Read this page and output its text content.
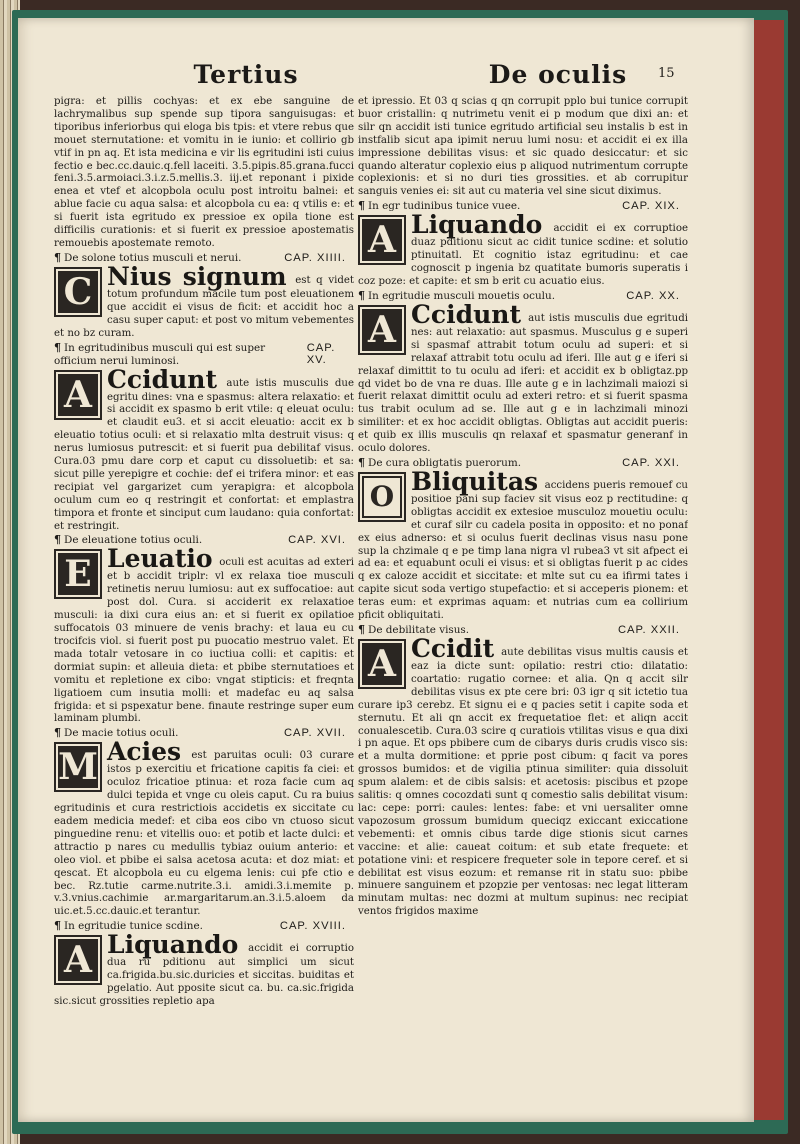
Tertius	De oculis	15

pigra: et pillis cochyas: et ex ebe sanguine de lachrymalibus sup spende sup tipora sanguisugas: et tiporibus inferiorbus qui eloga bis tpis: et vtere rebus que mouet sternutatione: et vomitu in ie iunio: et collirio gb vtif in pn aq. Et ista medicina e vir lis egritudini isti cuius fectio e bec.cc.dauic.q.fell laceiti. 3.5.pipis.85.grana.fucci feni.3.5.armoiaci.3.i.z.5.mellis.3. iij.et reponant i pixide enea et vtef et alcopbola oculu post introitu balnei: et ablue facie cu aqua salsa: et alcopbola cu ea: q vtilis e: et si fuerit ista egritudo ex pressioe ex opila tione est difficilis curationis: et si fuerit ex pressioe apostematis remouebis apostemate remoto.

¶ De solone totius musculi et nerui.	CAP. XIIII.

C Nius signum est q videt totum profundum macile tum post eleuationem que accidit ei visus de ficit: et accidit hoc a casu super caput: et post vo mitum vebementes et no bz curam.

¶ In egritudinibus musculi qui est super officium nerui luminosi.
CAP. XV.

A Ccidunt aute istis musculis due egritu dines: vna e spasmus: altera relaxatio: et si accidit ex spasmo b erit vtile: q eleuat oculu: et claudit eu3. et si accit eleuatio: accit ex b eleuatio totius oculi: et si relaxatio mlta destruit visus: q nerus lumiosus putrescit: et si fuerit pua debilitaf visus. Cura.03 pmu dare corp et caput cu dissoluetib: et sa: sicut pille yerepigre et cochie: def ei trifera minor: et eas recipiat vel gargarizet cum yerapigra: et alcopbola oculum cum eo q restringit et confortat: et emplastra timpora et fronte et sinciput cum laudano: quia confortat: et restringit.

¶ De eleuatione totius oculi.	CAP. XVI.

E Leuatio oculi est acuitas ad exteri et b accidit triplr: vl ex relaxa tioe musculi retinetis neruu lumiosu: aut ex suffocatioe: aut post dol. Cura. si acciderit ex relaxatioe musculi: ia dixi cura eius an: et si fuerit ex opilatioe suffocatois 03 minuere de venis brachy: et laua eu cu trocifcis viol. si fuerit post pu puocatio mestruo valet. Et mada totalr vetosare in co iuctiua colli: et capitis: et dormiat supin: et alleuia dieta: et pbibe sternutatioes et vomitu et repletione ex cibo: vngat stipticis: et freqnta ligatioem cum insutia molli: et madefac eu aq salsa frigida: et si pspexatur bene. finaute restringe super eum laminam plumbi.

¶ De macie totius oculi.	CAP. XVII.

M Acies est paruitas oculi: 03 curare istos p exercitiu et fricatione capitis fa ciei: et oculoz fricatioe ptinua: et roza facie cum aq dulci tepida et vnge cu oleis caput. Cu ra buius egritudinis et cura restrictiois accidetis ex siccitate cu eadem medicia medef: et ciba eos cibo vn ctuoso sicut pinguedine renu: et vitellis ouo: et potib et lacte dulci: et attractio p nares cu medullis tybiaz ouium anterio: et oleo viol. et pbibe ei salsa acetosa acuta: et doz miat: et qescat. Et alcopbola eu cu elgema lenis: cui pfe ctio e bec. Rz.tutie carme.nutrite.3.i. amidi.3.i.memite p. v.3.vnius.cachimie ar.margaritarum.an.3.i.5.aloem da uic.et.5.cc.dauic.et terantur.

¶ In egritudie tunice scdine.	CAP. XVIII.

A Liquando accidit ei corruptio dua ru pditionu aut simplici um sicut ca.frigida.bu.sic.duricies et siccitas. buiditas et pgelatio. Aut pposite sicut ca. bu. ca.sic.frigida sic.sicut grossities repletio apa

et ipressio. Et 03 q scias q qn corrupit pplo bui tunice corrupit buor cristallin: q nutrimetu venit ei p modum que dixi an: et silr qn accidit isti tunice egritudo artificial seu instalis b est in instfalib sicut apa ipimit neruu lumi nosu: et accidit ei ex illa impressione debilitas visus: et sic quado desiccatur: et sic quando alteratur coplexio eius p aliquod nutrimentum corrupte coplexionis: et si no duri ties grossities. et ab corrupitur sanguis venies ei: sit aut cu materia vel sine sicut diximus.

¶ In egr tudinibus tunice vuee.	CAP. XIX.

A Liquando accidit ei ex corruptioe duaz pditionu sicut ac cidit tunice scdine: et solutio ptinuitatl. Et cognitio istaz egritudinu: et cae cognoscit p ingenia bz quatitate bumoris superatis i coz poze: et capite: et sm b erit cu acuatio eius.

¶ In egritudie musculi mouetis oculu.	CAP. XX.

A Ccidunt aut istis musculis due egritudi nes: aut relaxatio: aut spasmus. Musculus g e superi si spasmaf attrabit totum oculu ad superi: et si relaxaf attrabit totu oculu ad iferi. Ille aut g e iferi si relaxaf dimittit to tu oculu ad iferi: et accidit ex b obligtaz.pp qd videt bo de vna re duas. Ille aute g e in lachzimali maiozi si fuerit relaxat dimittit oculu ad exteri retro: et si fuerit spasma tus trabit oculum ad se. Ille aut g e in lachzimali minozi similiter: et ex hoc accidit obligtas. Obligtas aut accidit pueris: et quib ex illis musculis qn relaxaf et spasmatur generanf in oculo dolores.

¶ De cura obligtatis puerorum.	CAP. XXI.

O Bliquitas accidens pueris remouef cu positioe pani sup faciev sit visus eoz p rectitudine: q obligtas accidit ex extesioe musculoz mouetiu oculu: et curaf silr cu cadela posita in opposito: et no ponaf ex eius adnerso: et si oculus fuerit declinas visus nasu pone sup la chzimale q e pe timp lana nigra vl rubea3 vt sit afpect ei ad ea: et equabunt oculi ei visus: et si obligtas fuerit p ac cides q ex caloze accidit et siccitate: et mlte sut cu ea ifirmi tates i capite sicut soda vertigo stupefactio: et si acceperis pionem: et teras eum: et exprimas aquam: et nutrias cum ea collirium pficit obliquitati.

¶ De debilitate visus.	CAP. XXII.

A Ccidit aute debilitas visus multis causis et eaz ia dicte sunt: opilatio: restri ctio: dilatatio: coartatio: rugatio cornee: et alia. Qn q accit silr debilitas visus ex pte cere bri: 03 igr q sit ictetio tua curare ip3 cerebz. Et signu ei e q pacies setit i capite soda et sternutu. Et ali qn accit ex frequetatioe flet: et aliqn accit conualescetib. Cura.03 scire q curatiois vtilitas visus e qua dixi i pn aque. Et ops pbibere cum de cibarys duris crudis visco sis: et a multa dormitione: et pprie post cibum: q facit va pores grossos bumidos: et de vigilia ptinua similiter: quia dissoluit spum alalem: et de cibis salsis: et acetosis: piscibus et pzope salitis: q omnes cocozdati sunt q comestio salis debilitat visum: lac: cepe: porri: caules: lentes: fabe: et vni uersaliter omne vapozosum grossum bumidum queciqz exiccant exiccatione vebementi: et omnis cibus tarde dige stionis sicut carnes vaccine: et alie: caueat coitum: et sub etate frequete: et potatione vini: et respicere frequeter sole in tepore ceref. et si debilitat est visus eozum: et remanse rit in statu suo: pbibe minuere sanguinem et pzopzie per ventosas: nec legat litteram minutam multas: nec dozmi at multum supinus: nec recipiat ventos frigidos maxime
